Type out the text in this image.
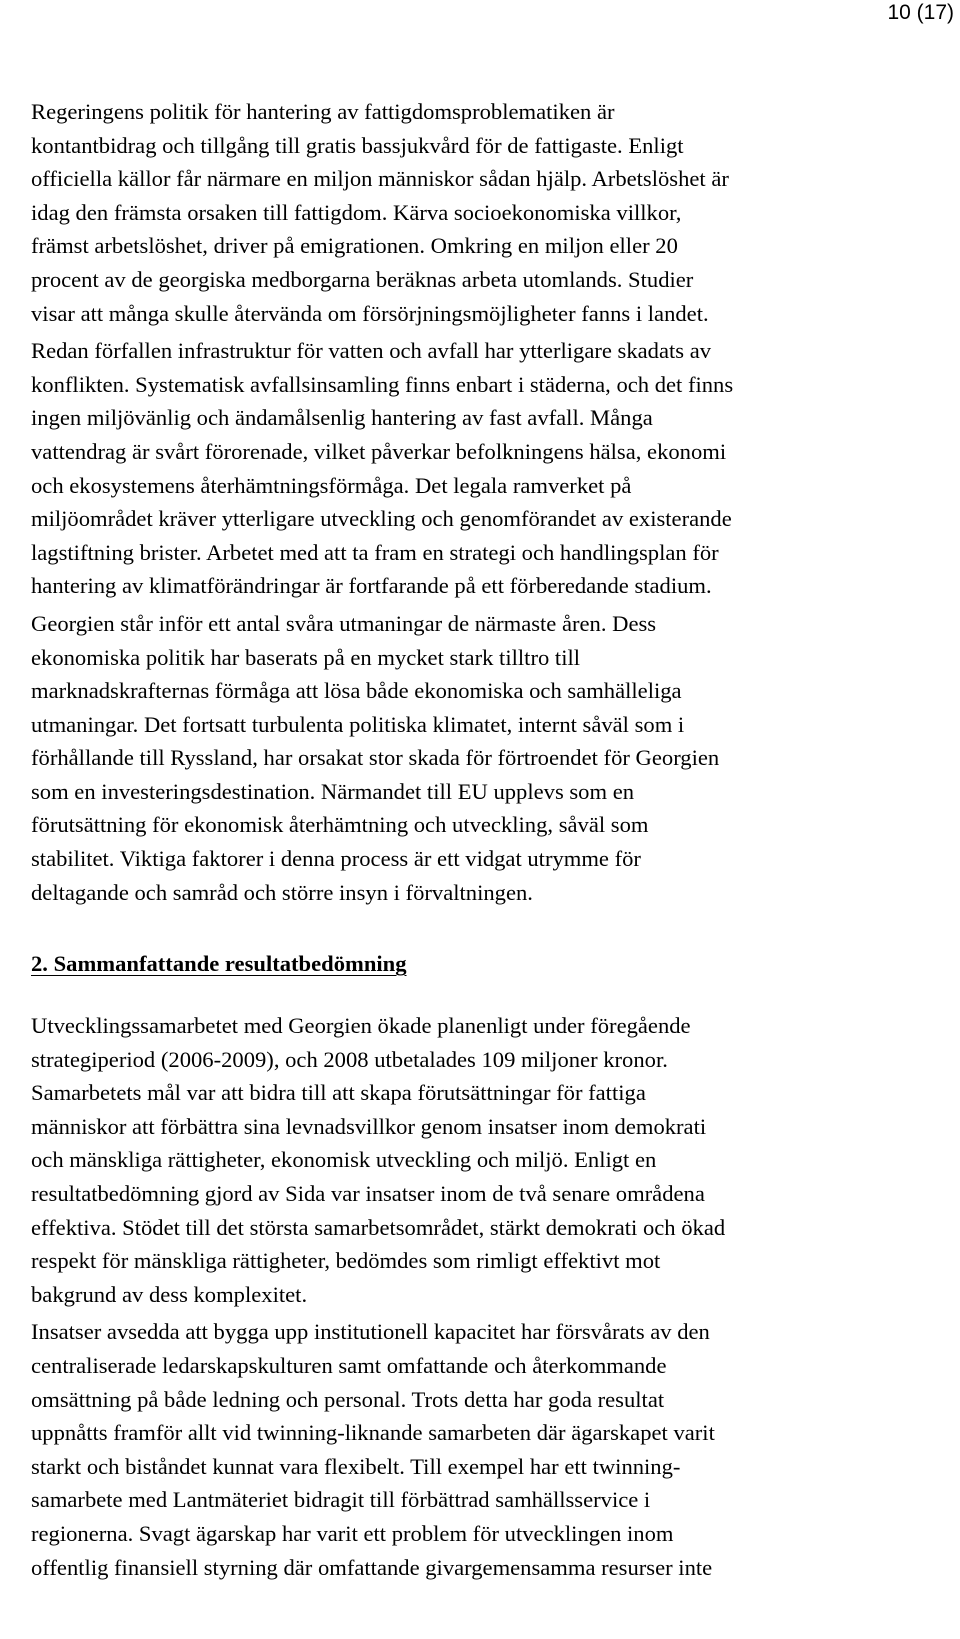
10 (17)

Regeringens politik för hantering av fattigdomsproblematiken är
kontantbidrag och tillgång till gratis bassjukvård för de fattigaste. Enligt
officiella källor får närmare en miljon människor sådan hjälp. Arbetslöshet är
idag den främsta orsaken till fattigdom. Kärva socioekonomiska villkor,
främst arbetslöshet, driver på emigrationen. Omkring en miljon eller 20
procent av de georgiska medborgarna beräknas arbeta utomlands. Studier
visar att många skulle återvända om försörjningsmöjligheter fanns i landet.

Redan förfallen infrastruktur för vatten och avfall har ytterligare skadats av
konflikten. Systematisk avfallsinsamling finns enbart i städerna, och det finns
ingen miljövänlig och ändamålsenlig hantering av fast avfall. Många
vattendrag är svårt förorenade, vilket påverkar befolkningens hälsa, ekonomi
och ekosystemens återhämtningsförmåga. Det legala ramverket på
miljöområdet kräver ytterligare utveckling och genomförandet av existerande
lagstiftning brister. Arbetet med att ta fram en strategi och handlingsplan för
hantering av klimatförändringar är fortfarande på ett förberedande stadium.

Georgien står inför ett antal svåra utmaningar de närmaste åren. Dess
ekonomiska politik har baserats på en mycket stark tilltro till
marknadskrafternas förmåga att lösa både ekonomiska och samhälleliga
utmaningar. Det fortsatt turbulenta politiska klimatet, internt såväl som i
förhållande till Ryssland, har orsakat stor skada för förtroendet för Georgien
som en investeringsdestination. Närmandet till EU upplevs som en
förutsättning för ekonomisk återhämtning och utveckling, såväl som
stabilitet. Viktiga faktorer i denna process är ett vidgat utrymme för
deltagande och samråd och större insyn i förvaltningen.

2. Sammanfattande resultatbedömning

Utvecklingssamarbetet med Georgien ökade planenligt under föregående
strategiperiod (2006-2009), och 2008 utbetalades 109 miljoner kronor.
Samarbetets mål var att bidra till att skapa förutsättningar för fattiga
människor att förbättra sina levnadsvillkor genom insatser inom demokrati
och mänskliga rättigheter, ekonomisk utveckling och miljö. Enligt en
resultatbedömning gjord av Sida var insatser inom de två senare områdena
effektiva. Stödet till det största samarbetsområdet, stärkt demokrati och ökad
respekt för mänskliga rättigheter, bedömdes som rimligt effektivt mot
bakgrund av dess komplexitet.

Insatser avsedda att bygga upp institutionell kapacitet har försvårats av den
centraliserade ledarskapskulturen samt omfattande och återkommande
omsättning på både ledning och personal. Trots detta har goda resultat
uppnåtts framför allt vid twinning-liknande samarbeten där ägarskapet varit
starkt och biståndet kunnat vara flexibelt. Till exempel har ett twinning-
samarbete med Lantmäteriet bidragit till förbättrad samhällsservice i
regionerna. Svagt ägarskap har varit ett problem för utvecklingen inom
offentlig finansiell styrning där omfattande givargemensamma resurser inte
